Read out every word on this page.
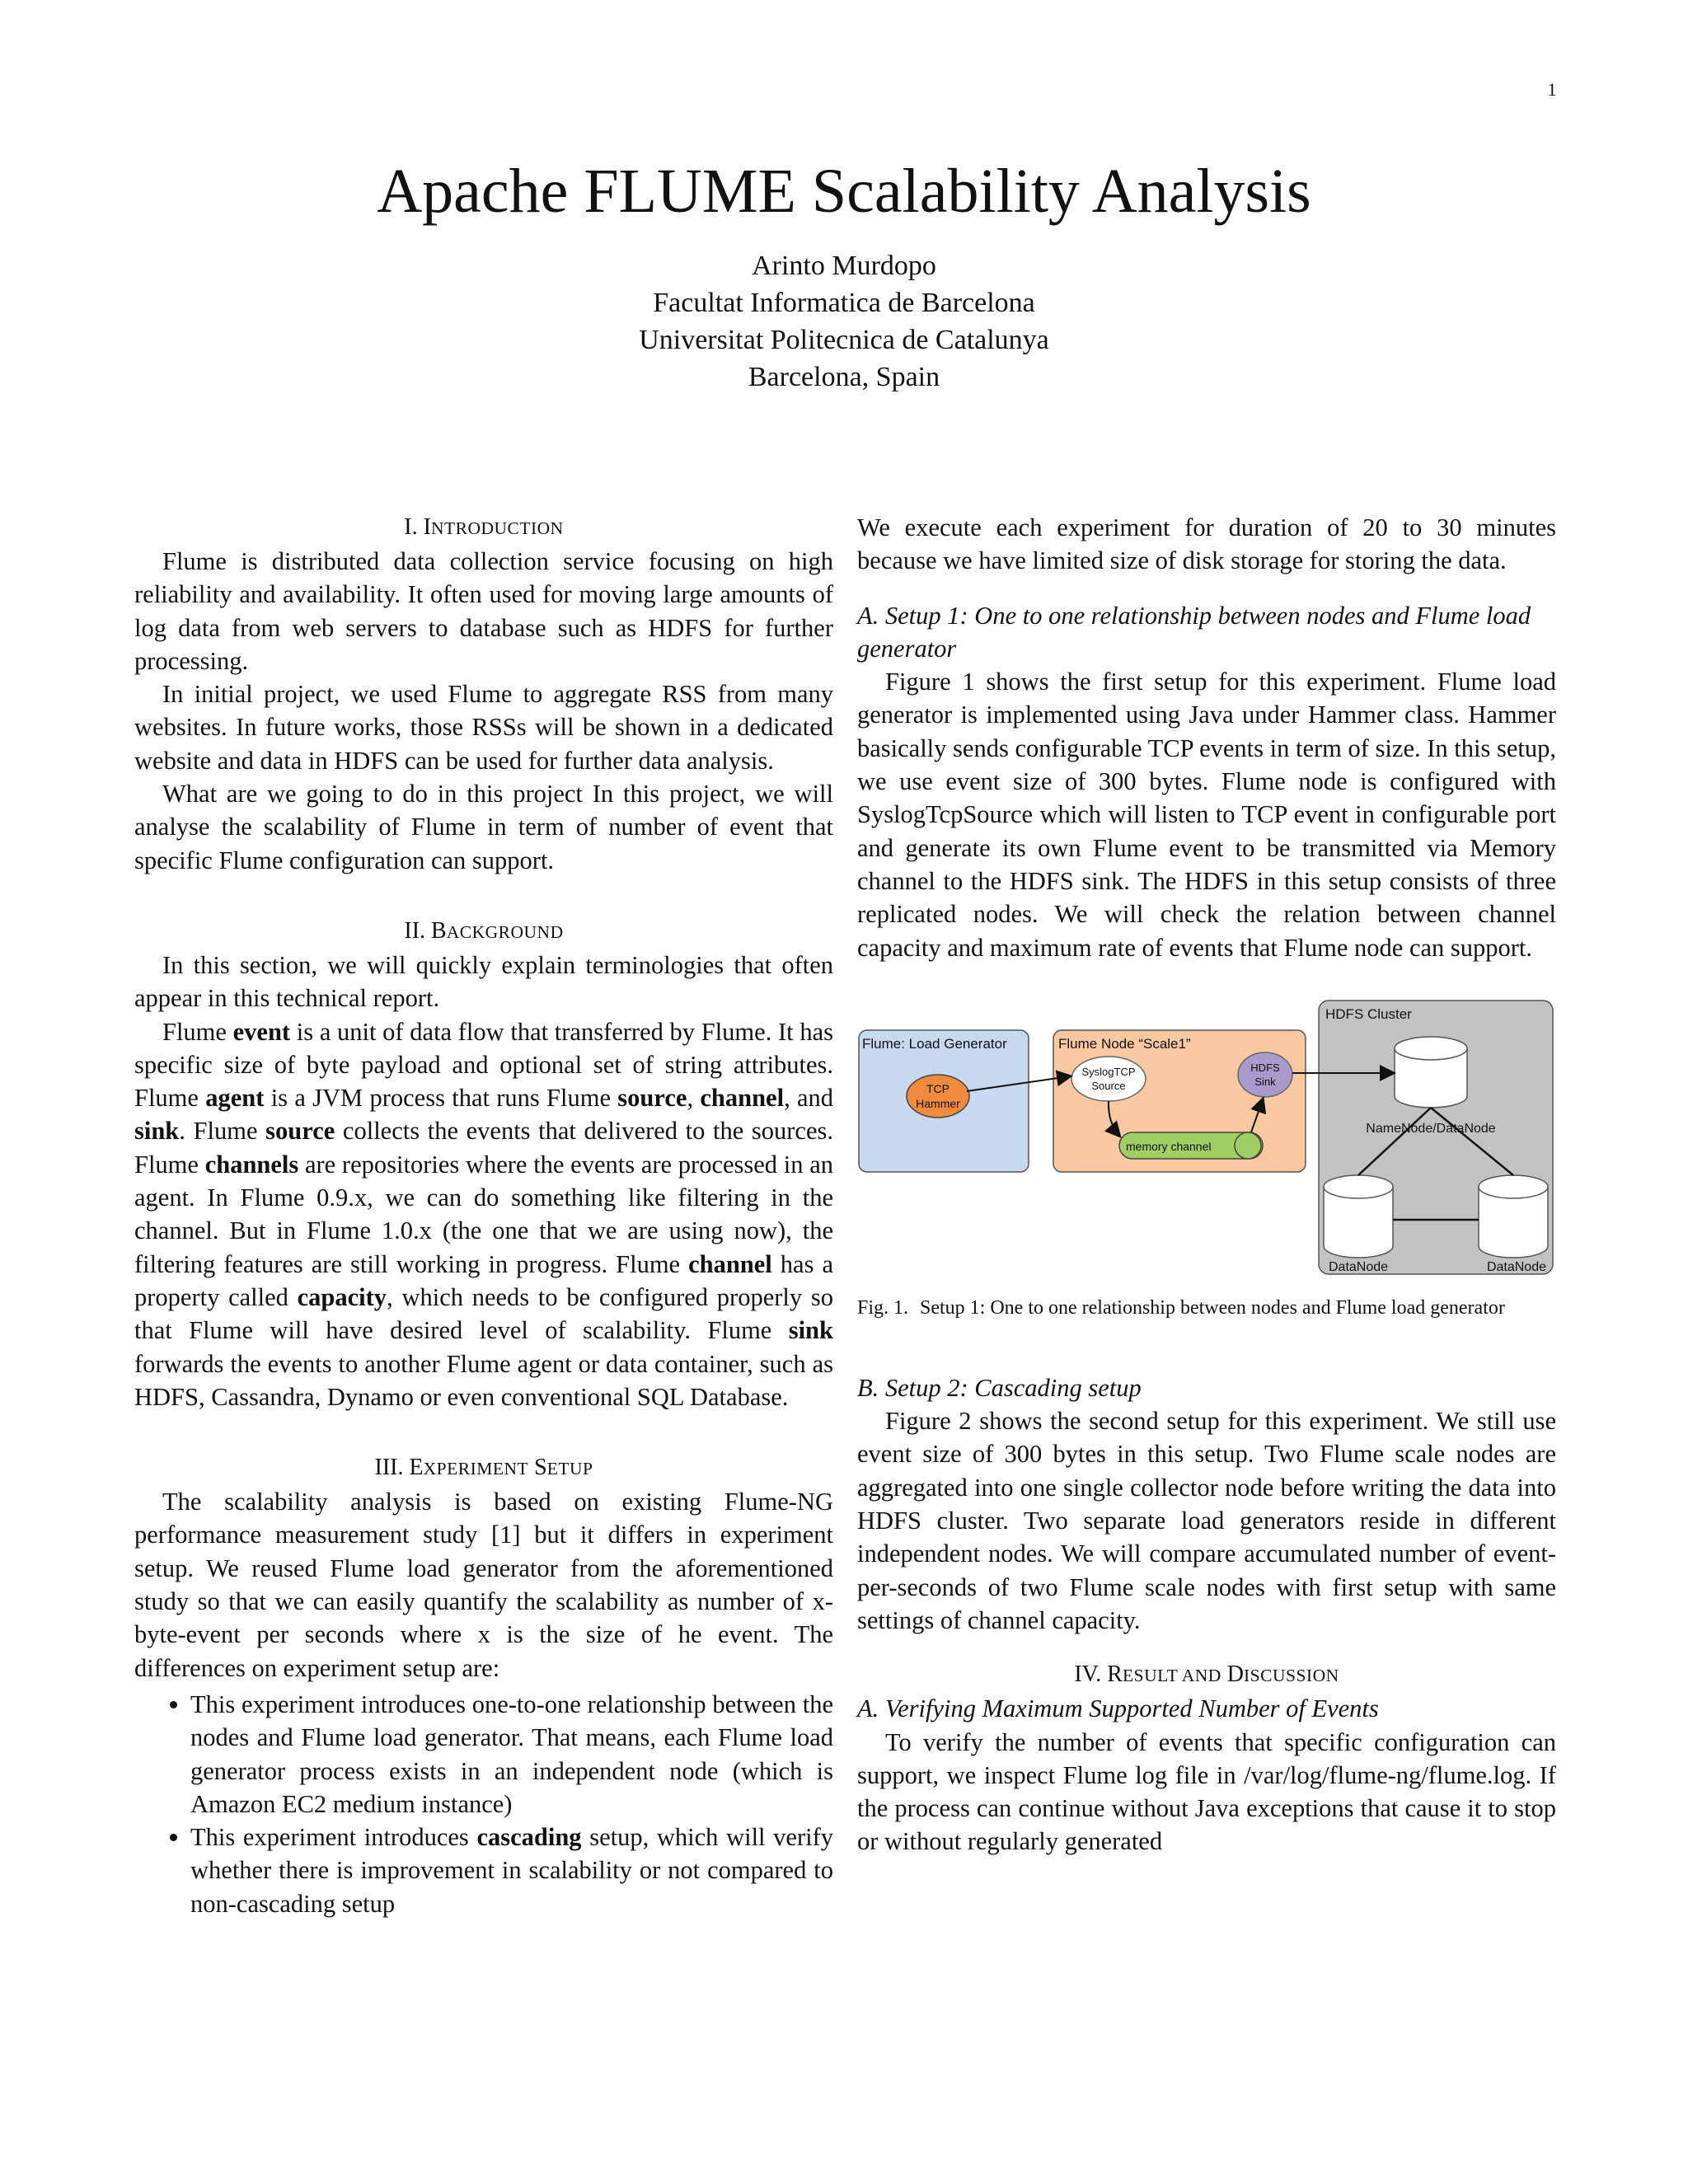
1
Apache FLUME Scalability Analysis
Arinto Murdopo
Facultat Informatica de Barcelona
Universitat Politecnica de Catalunya
Barcelona, Spain
I. INTRODUCTION

Flume is distributed data collection service focusing on high reliability and availability. It often used for moving large amounts of log data from web servers to database such as HDFS for further processing.

In initial project, we used Flume to aggregate RSS from many websites. In future works, those RSSs will be shown in a dedicated website and data in HDFS can be used for further data analysis.

What are we going to do in this project In this project, we will analyse the scalability of Flume in term of number of event that specific Flume configuration can support.

II. BACKGROUND

In this section, we will quickly explain terminologies that often appear in this technical report.

Flume event is a unit of data flow that transferred by Flume. It has specific size of byte payload and optional set of string attributes. Flume agent is a JVM process that runs Flume source, channel, and sink. Flume source collects the events that delivered to the sources. Flume channels are repositories where the events are processed in an agent. In Flume 0.9.x, we can do something like filtering in the channel. But in Flume 1.0.x (the one that we are using now), the filtering features are still working in progress. Flume channel has a property called capacity, which needs to be configured properly so that Flume will have desired level of scalability. Flume sink forwards the events to another Flume agent or data container, such as HDFS, Cassandra, Dynamo or even conventional SQL Database.

III. EXPERIMENT SETUP

The scalability analysis is based on existing Flume-NG performance measurement study [1] but it differs in experiment setup. We reused Flume load generator from the aforementioned study so that we can easily quantify the scalability as number of x-byte-event per seconds where x is the size of he event. The differences on experiment setup are:

• This experiment introduces one-to-one relationship between the nodes and Flume load generator. That means, each Flume load generator process exists in an independent node (which is Amazon EC2 medium instance)
• This experiment introduces cascading setup, which will verify whether there is improvement in scalability or not compared to non-cascading setup

We execute each experiment for duration of 20 to 30 minutes because we have limited size of disk storage for storing the data.

A. Setup 1: One to one relationship between nodes and Flume load generator

Figure 1 shows the first setup for this experiment. Flume load generator is implemented using Java under Hammer class. Hammer basically sends configurable TCP events in term of size. In this setup, we use event size of 300 bytes. Flume node is configured with SyslogTcpSource which will listen to TCP event in configurable port and generate its own Flume event to be transmitted via Memory channel to the HDFS sink. The HDFS in this setup consists of three replicated nodes. We will check the relation between channel capacity and maximum rate of events that Flume node can support.

Flume: Load Generator
TCP
Hammer
Flume Node “Scale1”
SyslogTCP
Source
HDFS
Sink
memory channel
HDFS Cluster
NameNode/DataNode
DataNode	DataNode
Fig. 1. Setup 1: One to one relationship between nodes and Flume load generator
B. Setup 2: Cascading setup

Figure 2 shows the second setup for this experiment. We still use event size of 300 bytes in this setup. Two Flume scale nodes are aggregated into one single collector node before writing the data into HDFS cluster. Two separate load generators reside in different independent nodes. We will compare accumulated number of event-per-seconds of two Flume scale nodes with first setup with same settings of channel capacity.

IV. RESULT AND DISCUSSION
A. Verifying Maximum Supported Number of Events

To verify the number of events that specific configuration can support, we inspect Flume log file in /var/log/flume-ng/flume.log. If the process can continue without Java exceptions that cause it to stop or without regularly generated
